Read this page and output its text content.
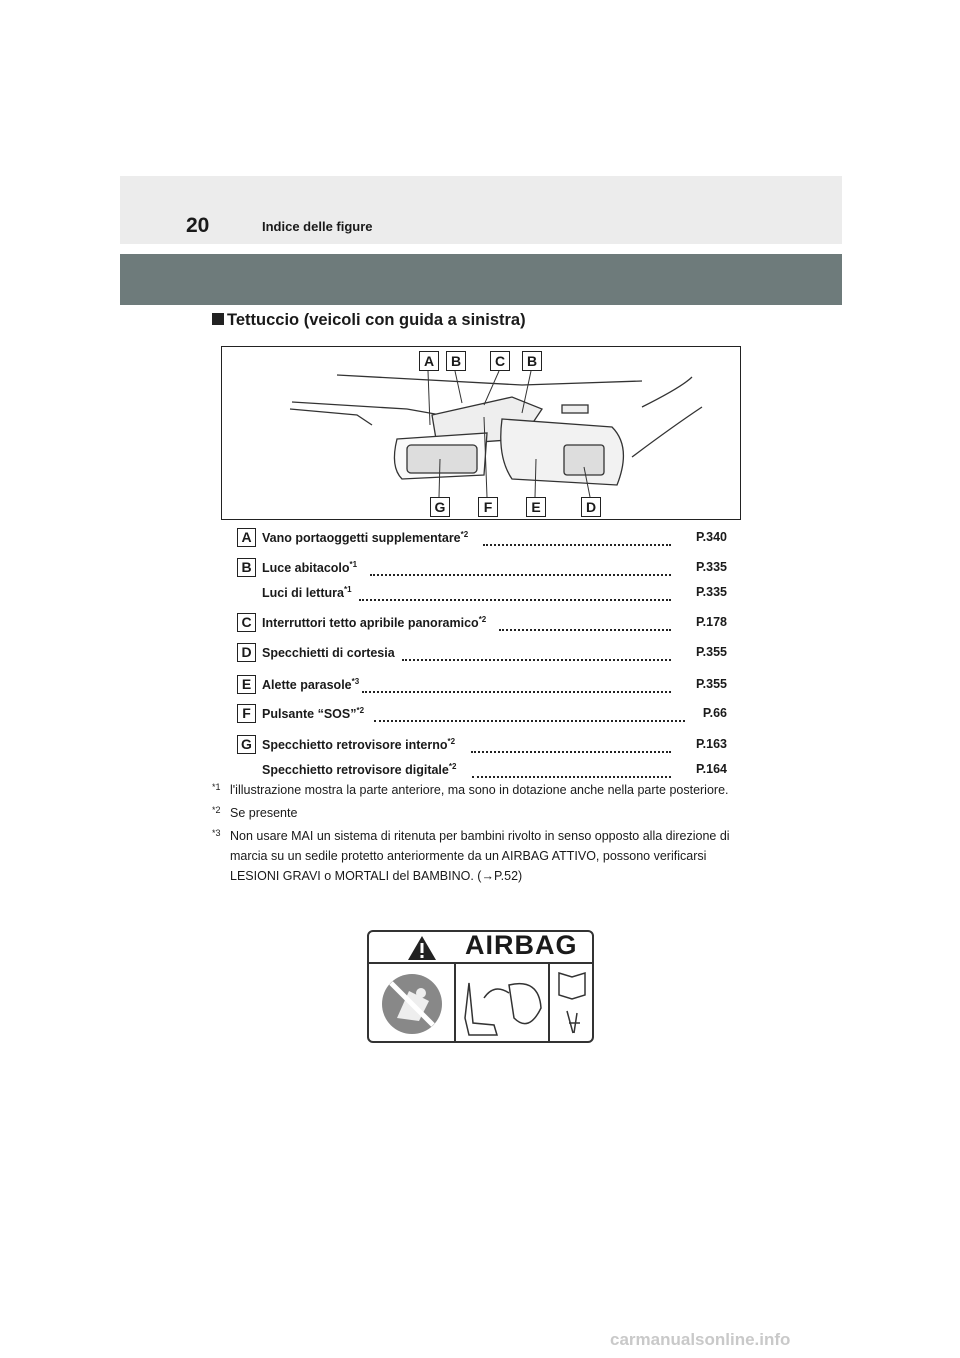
20	Indice delle figure
Tettuccio (veicoli con guida a sinistra)
A	B	C	B
G	F	E	D
A Vano portaoggetti supplementare$^{*2}$	P.340
B Luce abitacolo$^{*1}$	P.335
Luci di lettura$^{*1}$	P.335
C Interruttori tetto apribile panoramico$^{*2}$	P.178
D Specchietti di cortesia	P.355
E Alette parasole$^{*3}$	P.355
F Pulsante “SOS”$^{*2}$	P.66
G Specchietto retrovisore interno$^{*2}$	P.163
Specchietto retrovisore digitale$^{*2}$	P.164
*1 l'illustrazione mostra la parte anteriore, ma sono in dotazione anche nella parte posteriore.
*2 Se presente
*3 Non usare MAI un sistema di ritenuta per bambini rivolto in senso opposto alla direzione di marcia su un sedile protetto anteriormente da un AIRBAG ATTIVO, possono verificarsi LESIONI GRAVI o MORTALI del BAMBINO. (→P.52)
AIRBAG
carmanualsonline.info
